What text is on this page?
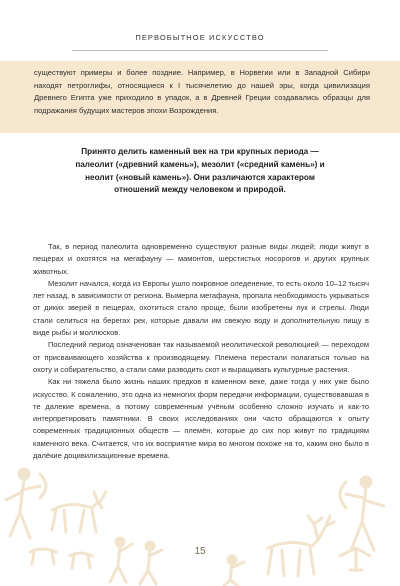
ПЕРВОБЫТНОЕ ИСКУССТВО

существуют примеры и более поздние. Например, в Норвегии или в Западной Сибири находят петроглифы, относящиеся к I тысячелетию до нашей эры, когда цивилизация Древнего Египта уже приходило в упадок, а в Древней Греции создавались образцы для подражания будущих мастеров эпохи Возрождения.

Принято делить каменный век на три крупных периода — палеолит («древний камень»), мезолит («средний камень») и неолит («новый камень»). Они различаются характером отношений между человеком и природой.

Так, в период палеолита одновременно существуют разные виды людей; люди живут в пещерах и охотятся на мегафауну — мамонтов, шерстистых носорогов и других крупных животных.

Мезолит начался, когда из Европы ушло покровное оледенение, то есть около 10–12 тысяч лет назад, в зависимости от региона. Вымерла мегафауна, пропала необходимость укрываться от диких зверей в пещерах, охотиться стало проще, были изобретены лук и стрелы. Люди стали селиться на берегах рек, которые давали им свежую воду и дополнительную пищу в виде рыбы и моллюсков.

Последний период означенован так называемой неолитической революцией — переходом от присваивающего хозяйства к производящему. Племена перестали полагаться только на охоту и собирательство, а стали сами разводить скот и выращивать культурные растения.

Как ни тяжела было жизнь наших предков в каменном веке, даже тогда у них уже было искусство. К сожалению, это одна из немногих форм передачи информации, существовавшая в те далекие времена, а потому современным учёным особенно сложно изучать и как-то интерпретировать памятники. В своих исследованиях они часто обращаются к опыту современных традиционных обществ — племён, которые до сих пор живут по традициям каменного века. Считается, что их восприятие мира во многом похоже на то, каким оно было в далёкие доцивилизационные времена.

15
